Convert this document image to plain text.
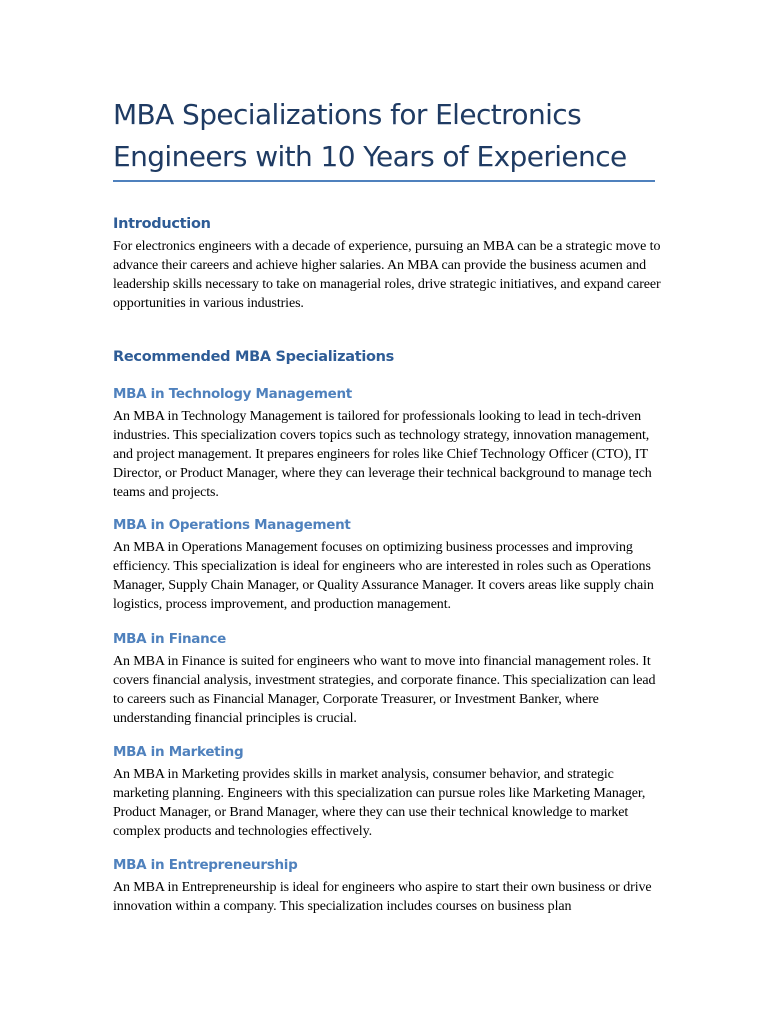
MBA Specializations for Electronics Engineers with 10 Years of Experience
Introduction

For electronics engineers with a decade of experience, pursuing an MBA can be a strategic move to advance their careers and achieve higher salaries. An MBA can provide the business acumen and leadership skills necessary to take on managerial roles, drive strategic initiatives, and expand career opportunities in various industries.

Recommended MBA Specializations
MBA in Technology Management

An MBA in Technology Management is tailored for professionals looking to lead in tech-driven industries. This specialization covers topics such as technology strategy, innovation management, and project management. It prepares engineers for roles like Chief Technology Officer (CTO), IT Director, or Product Manager, where they can leverage their technical background to manage tech teams and projects.

MBA in Operations Management

An MBA in Operations Management focuses on optimizing business processes and improving efficiency. This specialization is ideal for engineers who are interested in roles such as Operations Manager, Supply Chain Manager, or Quality Assurance Manager. It covers areas like supply chain logistics, process improvement, and production management.

MBA in Finance

An MBA in Finance is suited for engineers who want to move into financial management roles. It covers financial analysis, investment strategies, and corporate finance. This specialization can lead to careers such as Financial Manager, Corporate Treasurer, or Investment Banker, where understanding financial principles is crucial.

MBA in Marketing

An MBA in Marketing provides skills in market analysis, consumer behavior, and strategic marketing planning. Engineers with this specialization can pursue roles like Marketing Manager, Product Manager, or Brand Manager, where they can use their technical knowledge to market complex products and technologies effectively.

MBA in Entrepreneurship

An MBA in Entrepreneurship is ideal for engineers who aspire to start their own business or drive innovation within a company. This specialization includes courses on business plan
